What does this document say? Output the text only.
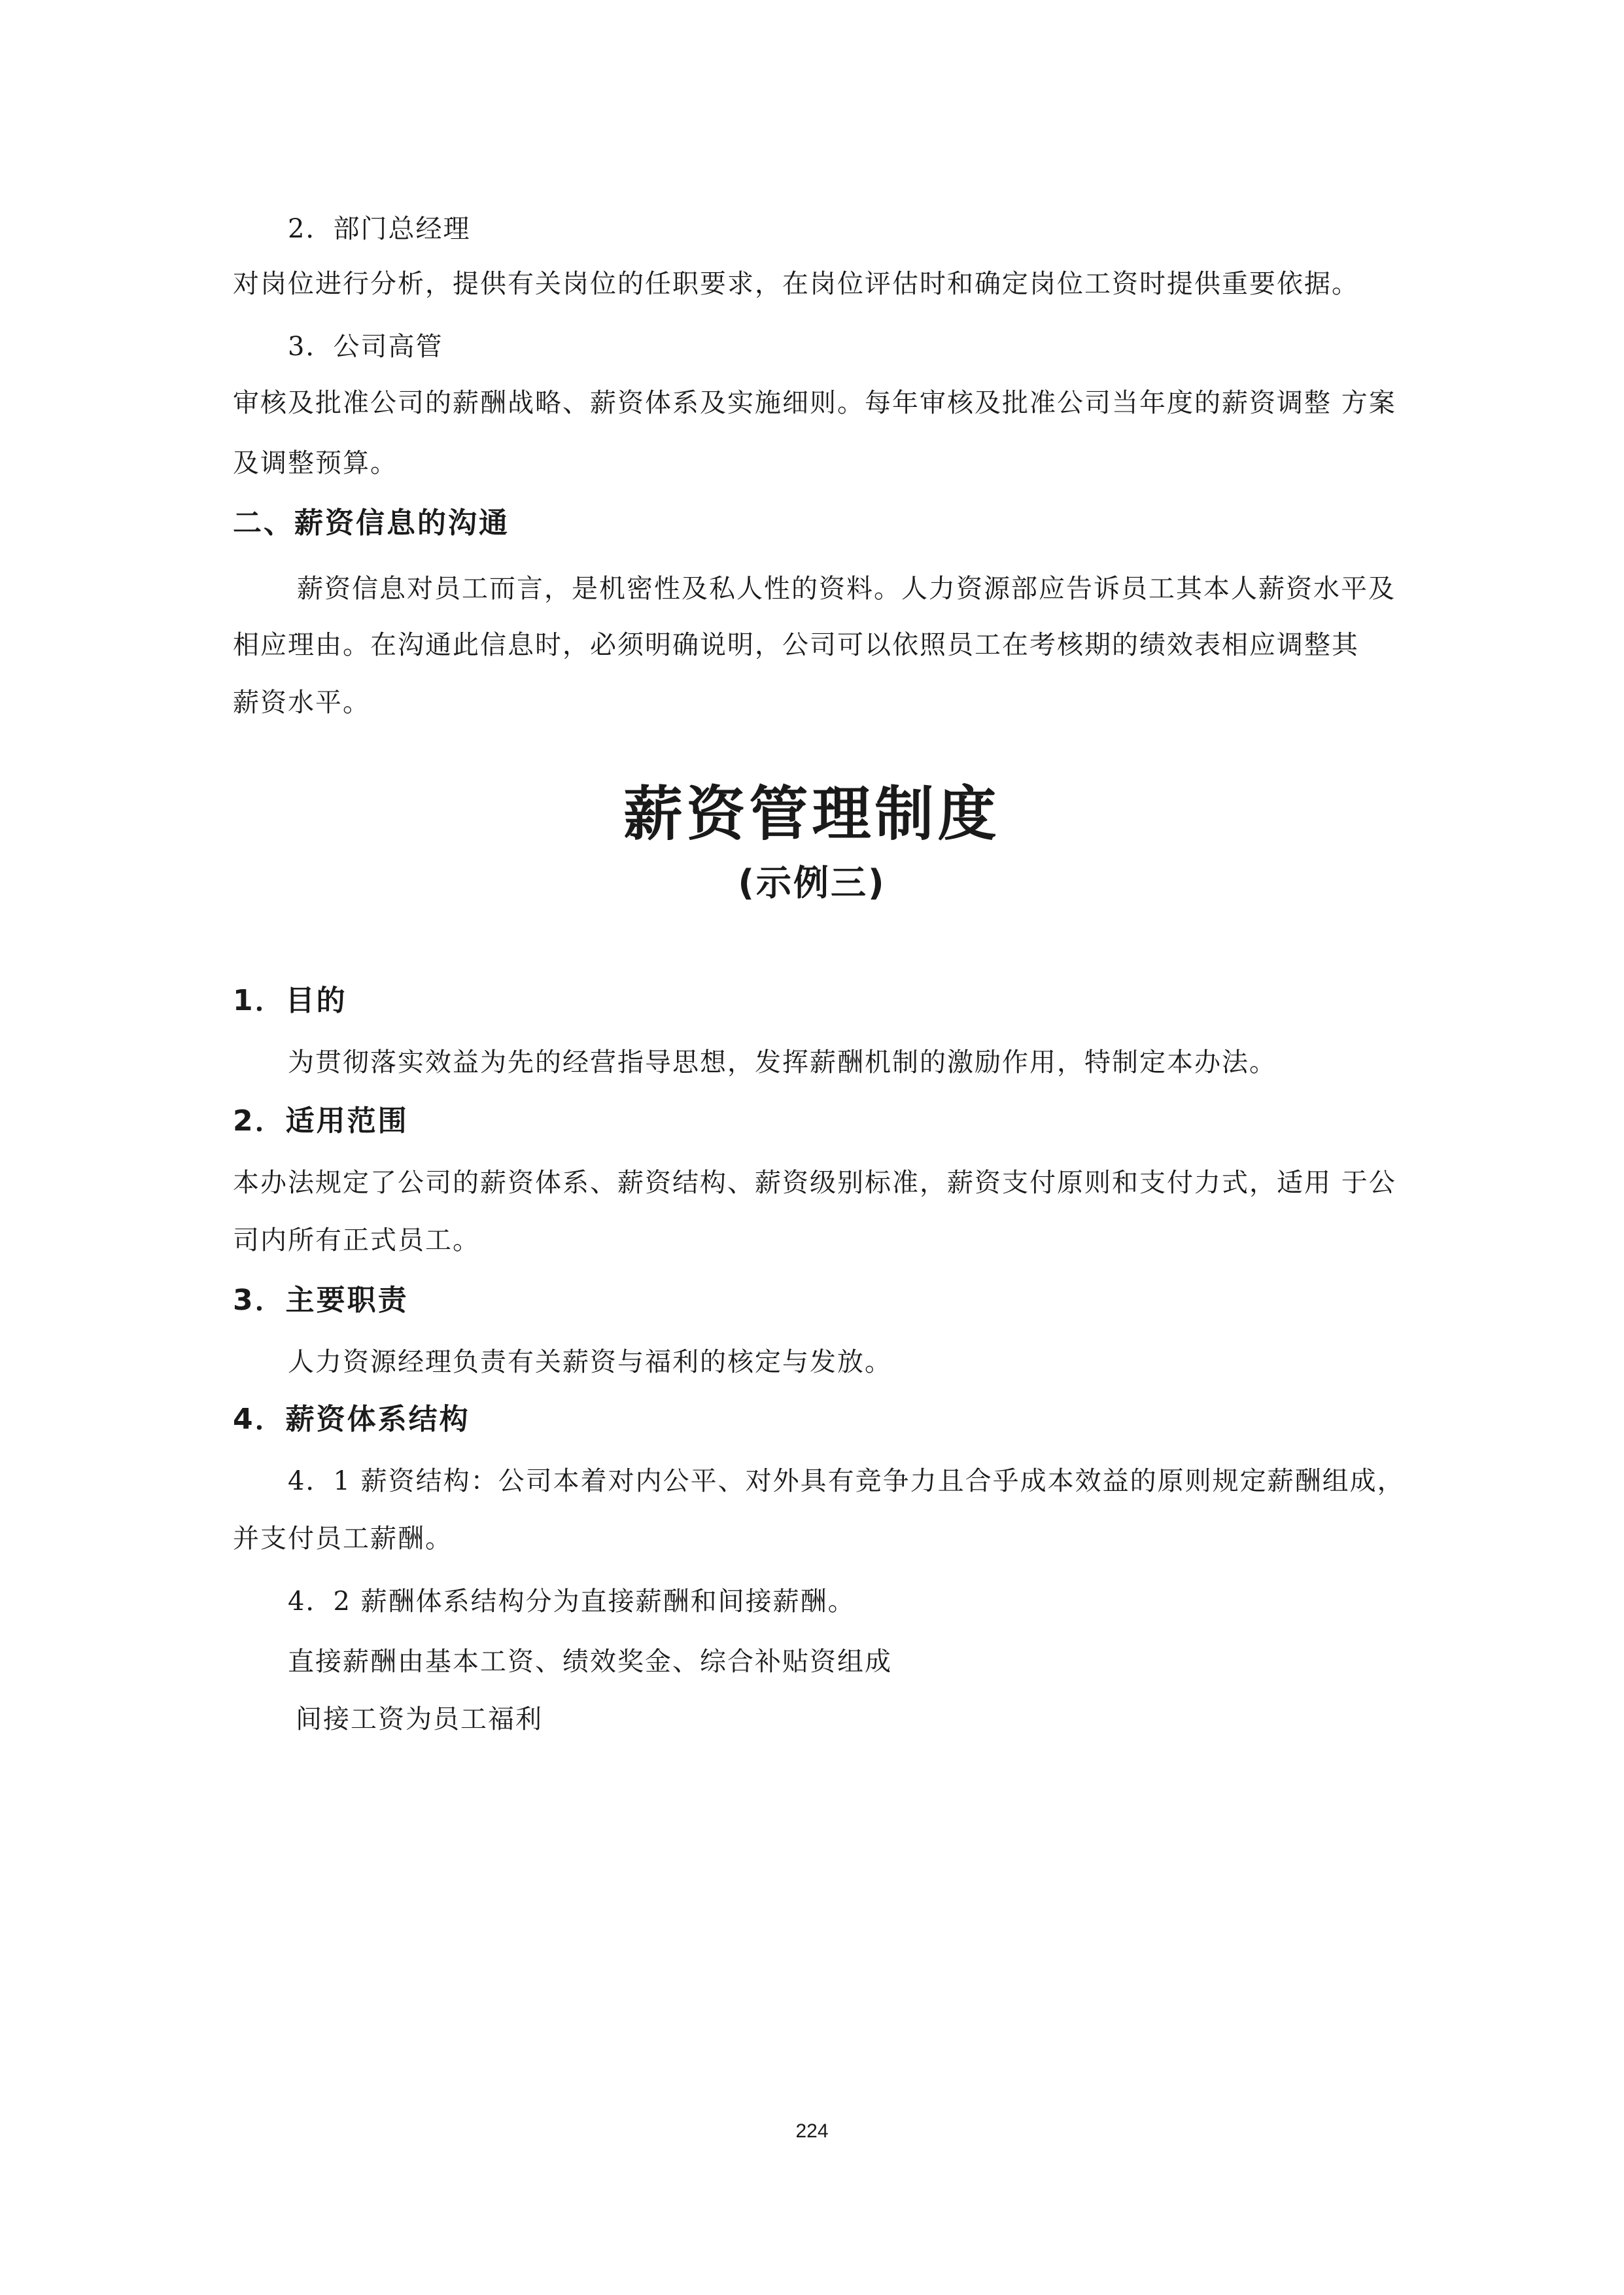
2．部门总经理
对岗位进行分析，提供有关岗位的任职要求，在岗位评估时和确定岗位工资时提供重要依据。
3．公司高管
审核及批准公司的薪酬战略、薪资体系及实施细则。每年审核及批准公司当年度的薪资调整 方案
及调整预算。
二、薪资信息的沟通
薪资信息对员工而言，是机密性及私人性的资料。人力资源部应告诉员工其本人薪资水平及
相应理由。在沟通此信息时，必须明确说明，公司可以依照员工在考核期的绩效表相应调整其
薪资水平。
薪资管理制度
(示例三)
1．目的
为贯彻落实效益为先的经营指导思想，发挥薪酬机制的激励作用，特制定本办法。
2．适用范围
本办法规定了公司的薪资体系、薪资结构、薪资级别标准，薪资支付原则和支付力式，适用 于公
司内所有正式员工。
3．主要职责
人力资源经理负责有关薪资与福利的核定与发放。
4．薪资体系结构
4．1 薪资结构：公司本着对内公平、对外具有竞争力且合乎成本效益的原则规定薪酬组成，
并支付员工薪酬。
4．2 薪酬体系结构分为直接薪酬和间接薪酬。
直接薪酬由基本工资、绩效奖金、综合补贴资组成
间接工资为员工福利
224
